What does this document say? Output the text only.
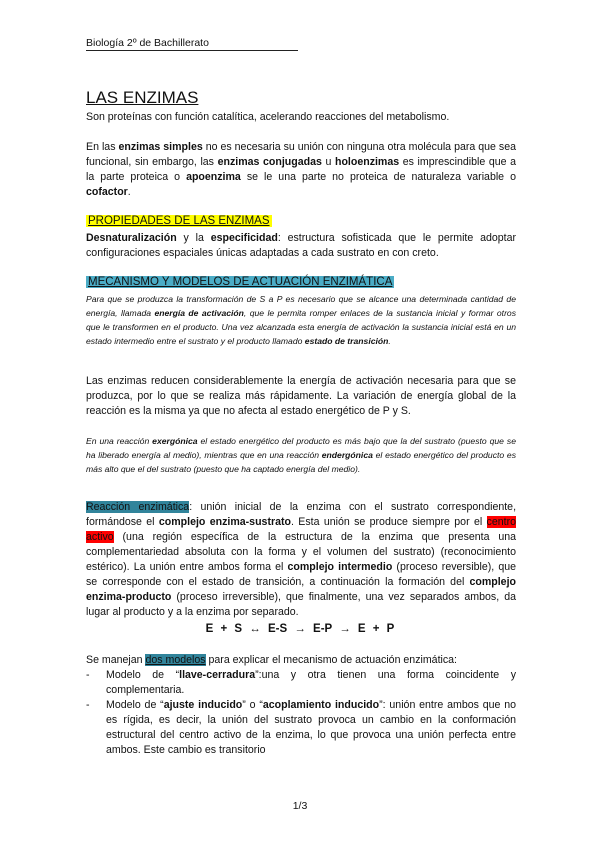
Biología 2º de Bachillerato
LAS ENZIMAS
Son proteínas con función catalítica, acelerando reacciones del metabolismo.
En las enzimas simples no es necesaria su unión con ninguna otra molécula para que sea funcional, sin embargo, las enzimas conjugadas u holoenzimas es imprescindible que a la parte proteica o apoenzima se le una parte no proteica de naturaleza variable o cofactor.
PROPIEDADES DE LAS ENZIMAS
Desnaturalización y la especificidad: estructura sofisticada que le permite adoptar configuraciones espaciales únicas adaptadas a cada sustrato en con creto.
MECANISMO Y MODELOS DE ACTUACIÓN ENZIMÁTICA
Para que se produzca la transformación de S a P es necesario que se alcance una determinada cantidad de energía, llamada energía de activación, que le permita romper enlaces de la sustancia inicial y formar otros que le transformen en el producto. Una vez alcanzada esta energía de activación la sustancia inicial está en un estado intermedio entre el sustrato y el producto llamado estado de transición.
Las enzimas reducen considerablemente la energía de activación necesaria para que se produzca, por lo que se realiza más rápidamente. La variación de energía global de la reacción es la misma ya que no afecta al estado energético de P y S.
En una reacción exergónica el estado energético del producto es más bajo que la del sustrato (puesto que se ha liberado energía al medio), mientras que en una reacción endergónica el estado energético del producto es más alto que el del sustrato (puesto que ha captado energía del medio).
Reacción enzimática: unión inicial de la enzima con el sustrato correspondiente, formándose el complejo enzima-sustrato. Esta unión se produce siempre por el centro activo (una región específica de la estructura de la enzima que presenta una complementariedad absoluta con la forma y el volumen del sustrato) (reconocimiento estérico). La unión entre ambos forma el complejo intermedio (proceso reversible), que se corresponde con el estado de transición, a continuación la formación del complejo enzima-producto (proceso irreversible), que finalmente, una vez separados ambos, da lugar al producto y a la enzima por separado.
E + S ↔ E-S → E-P → E + P
Se manejan dos modelos para explicar el mecanismo de actuación enzimática:
- Modelo de “llave-cerradura”:una y otra tienen una forma coincidente y complementaria.
- Modelo de “ajuste inducido” o “acoplamiento inducido”: unión entre ambos que no es rígida, es decir, la unión del sustrato provoca un cambio en la conformación estructural del centro activo de la enzima, lo que provoca una unión perfecta entre ambos. Este cambio es transitorio
1/3
